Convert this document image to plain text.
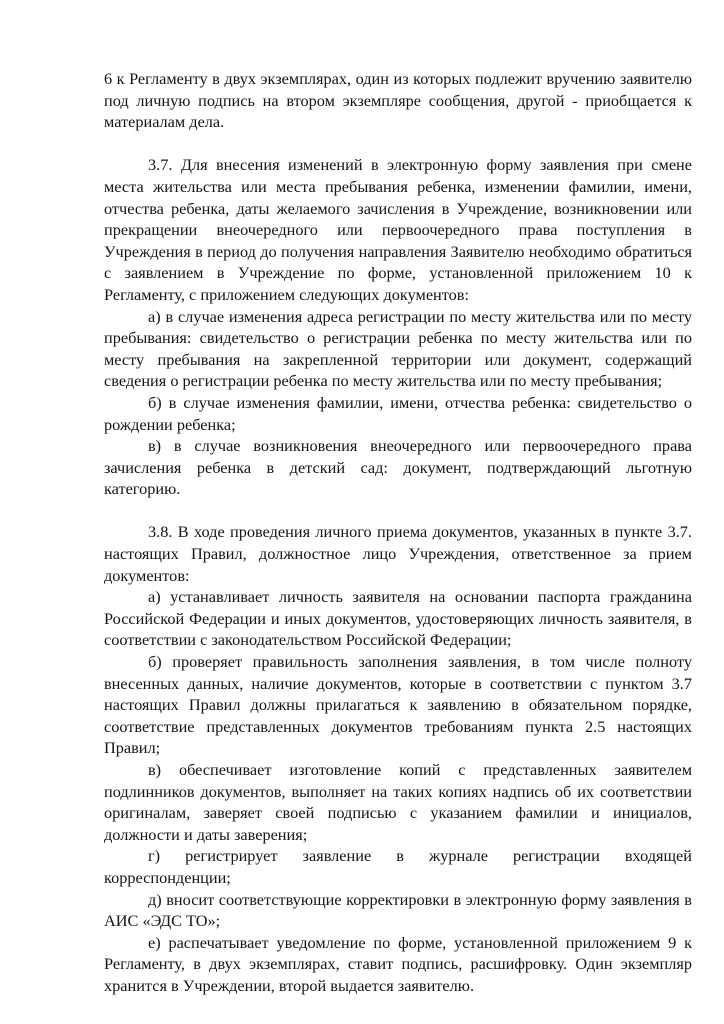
6 к Регламенту в двух экземплярах, один из которых подлежит вручению заявителю под личную подпись на втором экземпляре сообщения, другой - приобщается к материалам дела.

3.7. Для внесения изменений в электронную форму заявления при смене места жительства или места пребывания ребенка, изменении фамилии, имени, отчества ребенка, даты желаемого зачисления в Учреждение, возникновении или прекращении внеочередного или первоочередного права поступления в Учреждения в период до получения направления Заявителю необходимо обратиться с заявлением в Учреждение по форме, установленной приложением 10 к Регламенту, с приложением следующих документов:

а) в случае изменения адреса регистрации по месту жительства или по месту пребывания: свидетельство о регистрации ребенка по месту жительства или по месту пребывания на закрепленной территории или документ, содержащий сведения о регистрации ребенка по месту жительства или по месту пребывания;

б) в случае изменения фамилии, имени, отчества ребенка: свидетельство о рождении ребенка;

в) в случае возникновения внеочередного или первоочередного права зачисления ребенка в детский сад: документ, подтверждающий льготную категорию.

3.8. В ходе проведения личного приема документов, указанных в пункте 3.7. настоящих Правил, должностное лицо Учреждения, ответственное за прием документов:

а) устанавливает личность заявителя на основании паспорта гражданина Российской Федерации и иных документов, удостоверяющих личность заявителя, в соответствии с законодательством Российской Федерации;

б) проверяет правильность заполнения заявления, в том числе полноту внесенных данных, наличие документов, которые в соответствии с пунктом 3.7 настоящих Правил должны прилагаться к заявлению в обязательном порядке, соответствие представленных документов требованиям пункта 2.5 настоящих Правил;

в) обеспечивает изготовление копий с представленных заявителем подлинников документов, выполняет на таких копиях надпись об их соответствии оригиналам, заверяет своей подписью с указанием фамилии и инициалов, должности и даты заверения;

г) регистрирует заявление в журнале регистрации входящей корреспонденции;

д) вносит соответствующие корректировки в электронную форму заявления в АИС «ЭДС ТО»;

е) распечатывает уведомление по форме, установленной приложением 9 к Регламенту, в двух экземплярах, ставит подпись, расшифровку. Один экземпляр хранится в Учреждении, второй выдается заявителю.
